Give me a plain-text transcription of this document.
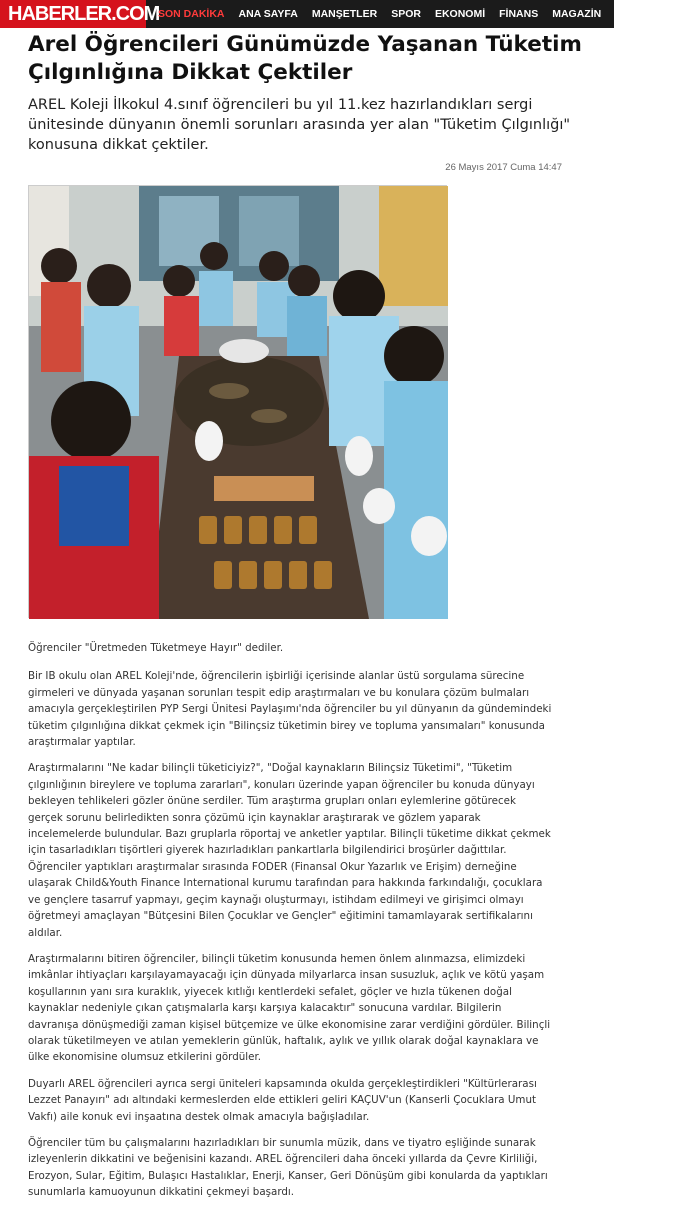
HABERLER.COM
SON DAKİKA	ANA SAYFA	MANŞETLER	SPOR	EKONOMİ	FİNANS	MAGAZİN	DÜNYA	TÜ
Arel Öğrencileri Günümüzde Yaşanan Tüketim Çılgınlığına Dikkat Çektiler

AREL Koleji İlkokul 4.sınıf öğrencileri bu yıl 11.kez hazırlandıkları sergi ünitesinde dünyanın önemli sorunları arasında yer alan "Tüketim Çılgınlığı" konusuna dikkat çektiler.

26 Mayıs 2017 Cuma 14:47

Öğrenciler "Üretmeden Tüketmeye Hayır" dediler.

Bir IB okulu olan AREL Koleji'nde, öğrencilerin işbirliği içerisinde alanlar üstü sorgulama sürecine girmeleri ve dünyada yaşanan sorunları tespit edip araştırmaları ve bu konulara çözüm bulmaları amacıyla gerçekleştirilen PYP Sergi Ünitesi Paylaşımı'nda öğrenciler bu yıl dünyanın da gündemindeki tüketim çılgınlığına dikkat çekmek için "Bilinçsiz tüketimin birey ve topluma yansımaları" konusunda araştırmalar yaptılar.

Araştırmalarını "Ne kadar bilinçli tüketiciyiz?", "Doğal kaynakların Bilinçsiz Tüketimi", "Tüketim çılgınlığının bireylere ve topluma zararları", konuları üzerinde yapan öğrenciler bu konuda dünyayı bekleyen tehlikeleri gözler önüne serdiler. Tüm araştırma grupları onları eylemlerine götürecek gerçek sorunu belirledikten sonra çözümü için kaynaklar araştırarak ve gözlem yaparak incelemelerde bulundular. Bazı gruplarla röportaj ve anketler yaptılar. Bilinçli tüketime dikkat çekmek için tasarladıkları tişörtleri giyerek hazırladıkları pankartlarla bilgilendirici broşürler dağıttılar. Öğrenciler yaptıkları araştırmalar sırasında FODER (Finansal Okur Yazarlık ve Erişim) derneğine ulaşarak Child&Youth Finance International kurumu tarafından para hakkında farkındalığı, çocuklara ve gençlere tasarruf yapmayı, geçim kaynağı oluşturmayı, istihdam edilmeyi ve girişimci olmayı öğretmeyi amaçlayan "Bütçesini Bilen Çocuklar ve Gençler" eğitimini tamamlayarak sertifikalarını aldılar.

Araştırmalarını bitiren öğrenciler, bilinçli tüketim konusunda hemen önlem alınmazsa, elimizdeki imkânlar ihtiyaçları karşılayamayacağı için dünyada milyarlarca insan susuzluk, açlık ve kötü yaşam koşullarının yanı sıra kuraklık, yiyecek kıtlığı kentlerdeki sefalet, göçler ve hızla tükenen doğal kaynaklar nedeniyle çıkan çatışmalarla karşı karşıya kalacaktır" sonucuna vardılar. Bilgilerin davranışa dönüşmediği zaman kişisel bütçemize ve ülke ekonomisine zarar verdiğini gördüler. Bilinçli olarak tüketilmeyen ve atılan yemeklerin günlük, haftalık, aylık ve yıllık olarak doğal kaynaklara ve ülke ekonomisine olumsuz etkilerini gördüler.

Duyarlı AREL öğrencileri ayrıca sergi üniteleri kapsamında okulda gerçekleştirdikleri "Kültürlerarası Lezzet Panayırı" adı altındaki kermeslerden elde ettikleri geliri KAÇUV'un (Kanserli Çocuklara Umut Vakfı) aile konuk evi inşaatına destek olmak amacıyla bağışladılar.

Öğrenciler tüm bu çalışmalarını hazırladıkları bir sunumla müzik, dans ve tiyatro eşliğinde sunarak izleyenlerin dikkatini ve beğenisini kazandı. AREL öğrencileri daha önceki yıllarda da Çevre Kirliliği, Erozyon, Sular, Eğitim, Bulaşıcı Hastalıklar, Enerji, Kanser, Geri Dönüşüm gibi konularda da yaptıkları sunumlarla kamuoyunun dikkatini çekmeyi başardı.
